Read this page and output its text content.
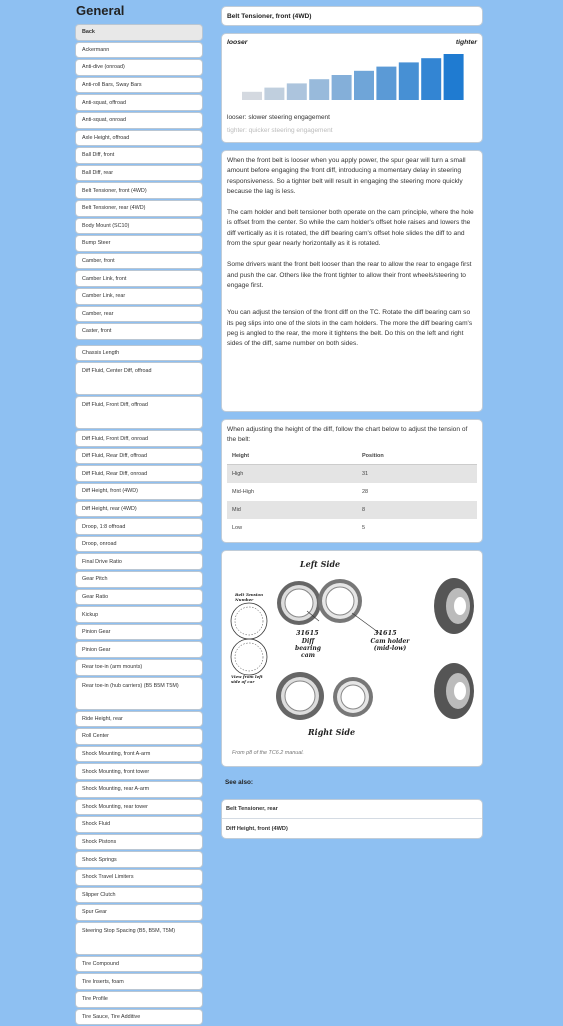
General
Back
Ackermann
Anti-dive (onroad)
Anti-roll Bars, Sway Bars
Anti-squat, offroad
Anti-squat, onroad
Axle Height, offroad
Ball Diff, front
Ball Diff, rear
Belt Tensioner, front (4WD)
Belt Tensioner, rear (4WD)
Body Mount (SC10)
Bump Steer
Camber, front
Camber Link, front
Camber Link, rear
Camber, rear
Caster, front
Chassis Length
Diff Fluid, Center Diff, offroad
Diff Fluid, Front Diff, offroad
Diff Fluid, Front Diff, onroad
Diff Fluid, Rear Diff, offroad
Diff Fluid, Rear Diff, onroad
Diff Height, front (4WD)
Diff Height, rear (4WD)
Droop, 1:8 offroad
Droop, onroad
Final Drive Ratio
Gear Pitch
Gear Ratio
Kickup
Pinion Gear
Pinion Gear
Rear toe-in (arm mounts)
Rear toe-in (hub carriers) (B5 B5M T5M)
Ride Height, rear
Roll Center
Shock Mounting, front A-arm
Shock Mounting, front tower
Shock Mounting, rear A-arm
Shock Mounting, rear tower
Shock Fluid
Shock Pistons
Shock Springs
Shock Travel Limiters
Slipper Clutch
Spur Gear
Steering Stop Spacing (B5, B5M, T5M)
Tire Compound
Tire Inserts, foam
Tire Profile
Tire Sauce, Tire Additive
Belt Tensioner, front (4WD)
looser	tighter
looser: slower steering engagement
tighter: quicker steering engagement

When the front belt is looser when you apply power, the spur gear will turn a small amount before engaging the front diff, introducing a momentary delay in steering responsiveness. So a tighter belt will result in engaging the steering more quickly because the lag is less.

The cam holder and belt tensioner both operate on the cam principle, where the hole is offset from the center. So while the cam holder's offset hole raises and lowers the diff vertically as it is rotated, the diff bearing cam's offset hole slides the diff to and from the spur gear nearly horizontally as it is rotated.

Some drivers want the front belt looser than the rear to allow the rear to engage first and push the car. Others like the front tighter to allow their front wheels/steering to engage first.

You can adjust the tension of the front diff on the TC. Rotate the diff bearing cam so its peg slips into one of the slots in the cam holders. The more the diff bearing cam's peg is angled to the rear, the more it tightens the belt. Do this on the left and right sides of the diff, same number on both sides.

When adjusting the height of the diff, follow the chart below to adjust the tension of the belt:
Height	Position
High	31
Mid-High	28
Mid	8
Low	5
Left Side
Right Side
Belt Tension Number
View from left side of car
31615
Diff bearing cam
31615
Cam holder (mid-low)
From p8 of the TC6.2 manual.
See also:
Belt Tensioner, rear
Diff Height, front (4WD)
